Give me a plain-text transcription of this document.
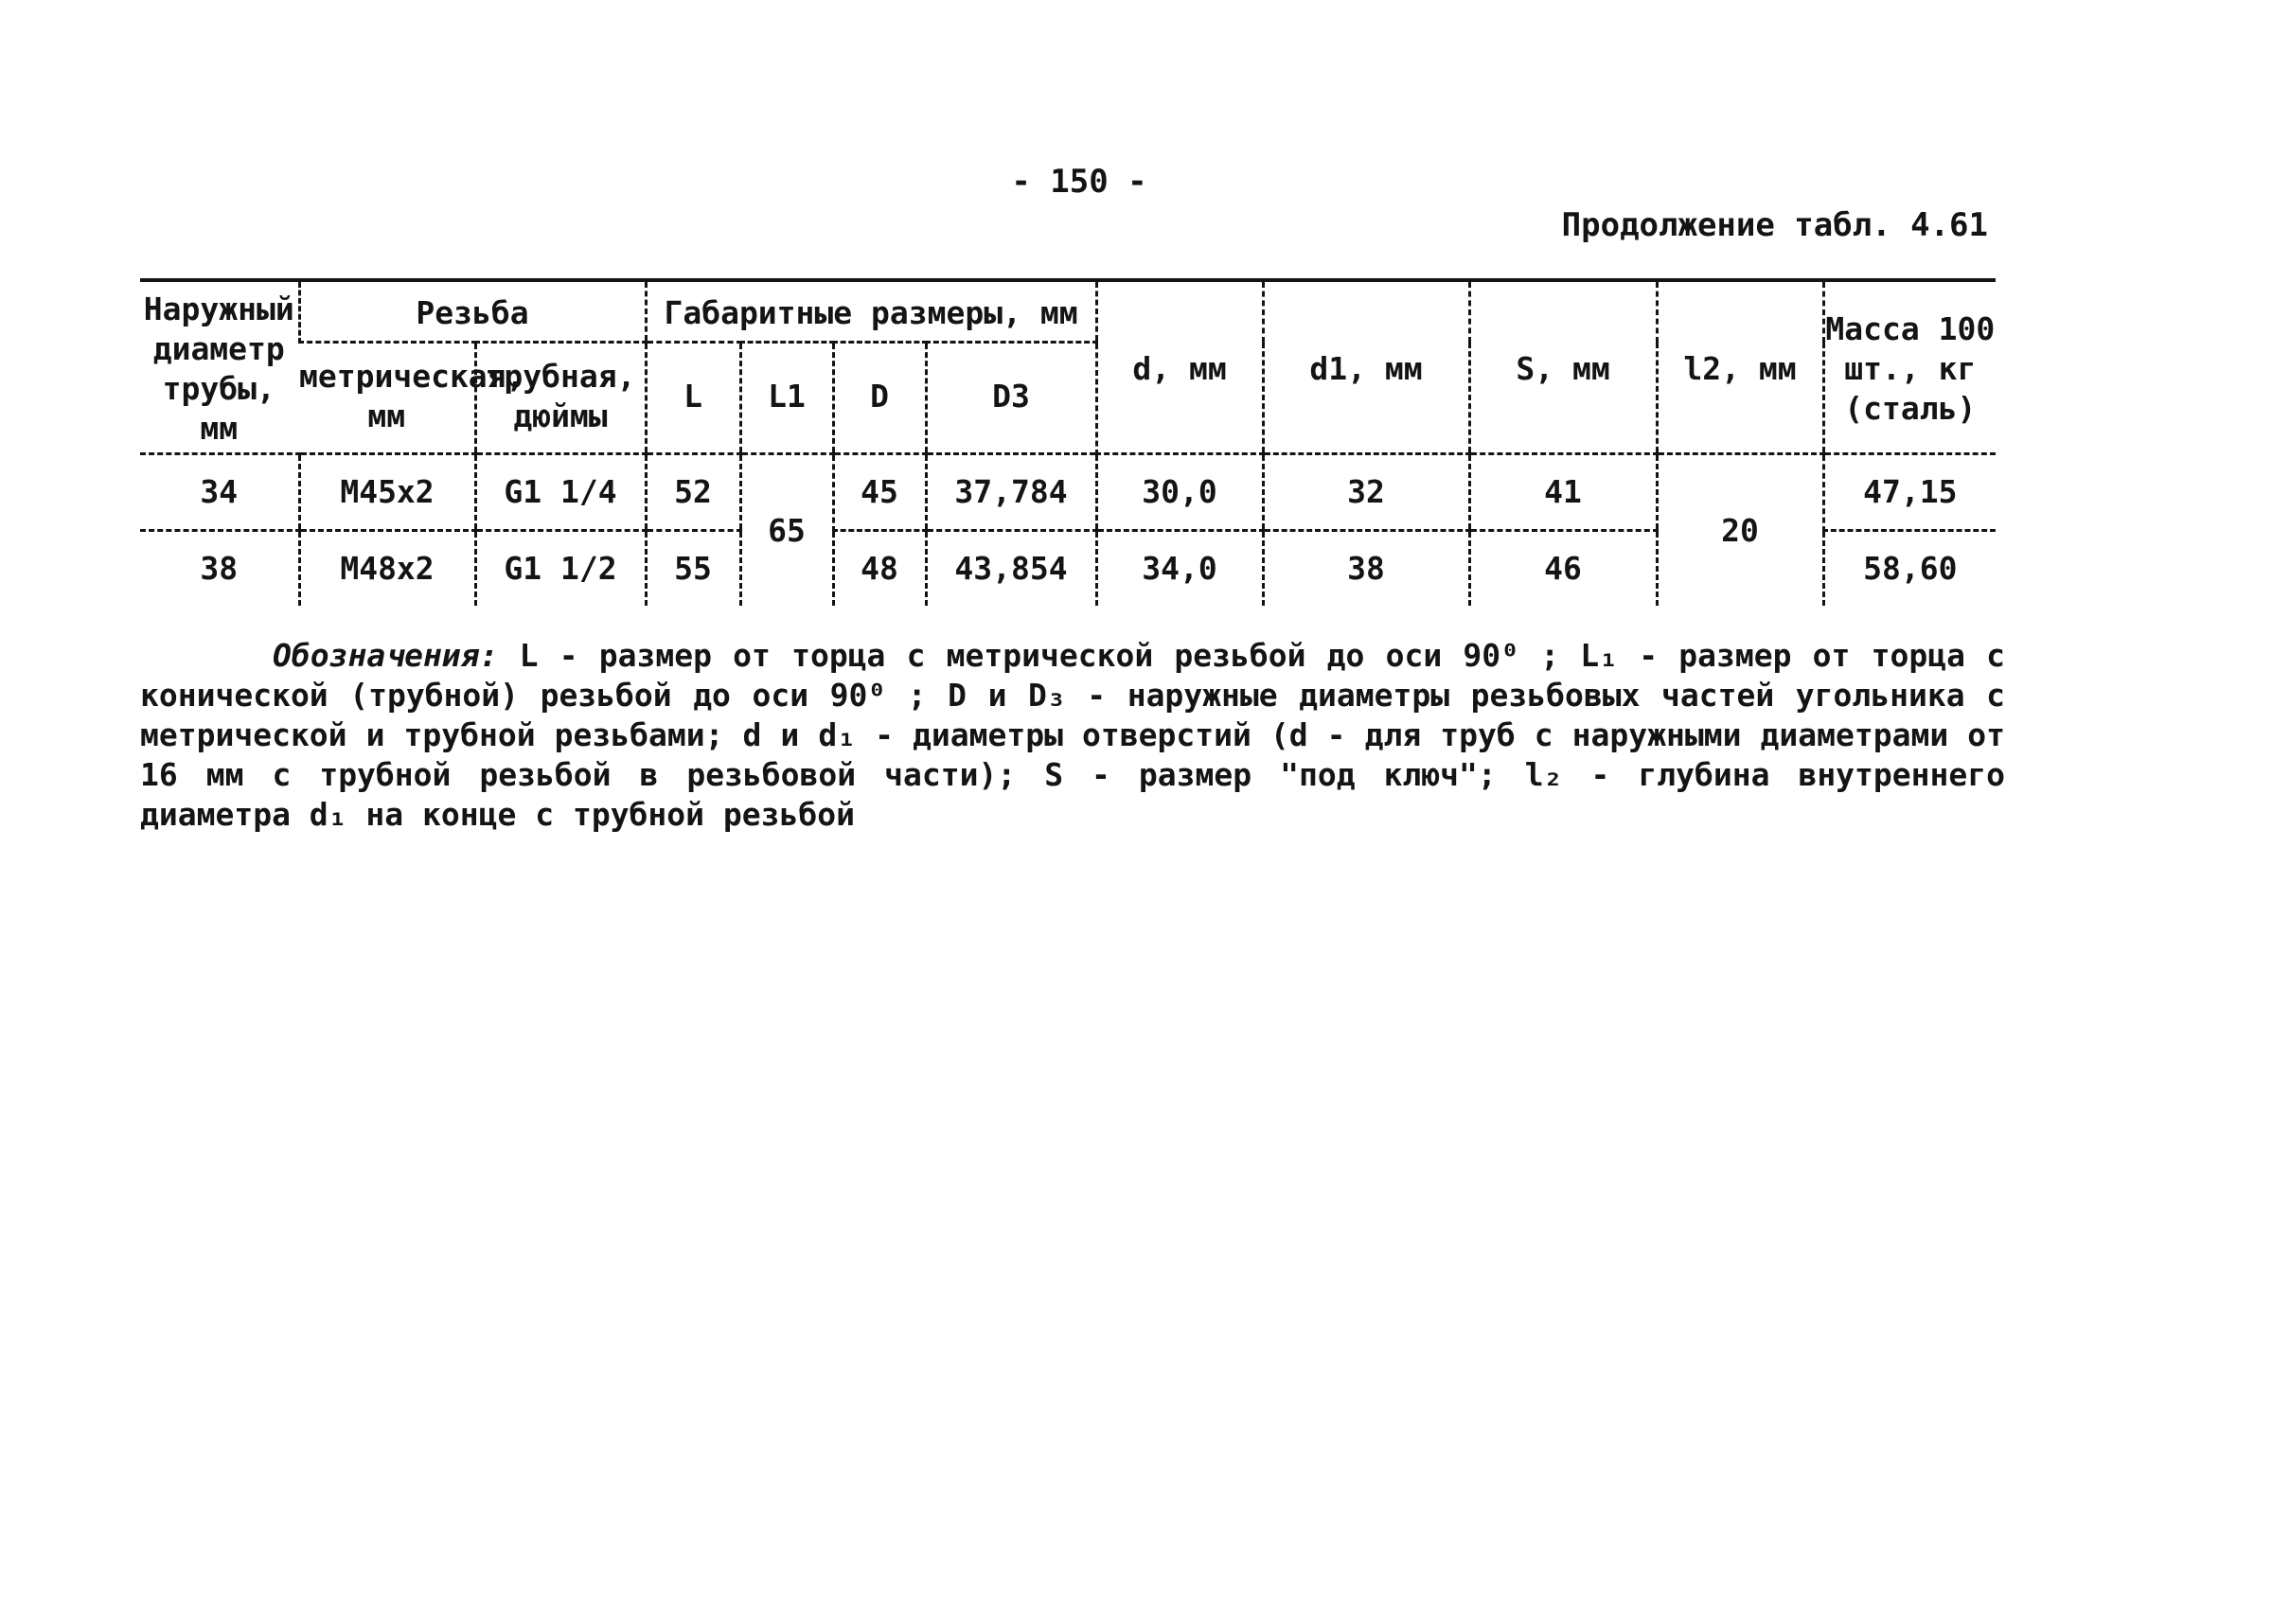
- 150 -
Продолжение табл. 4.61
Наружный диаметр трубы, мм	Резьба		Габаритные размеры, мм				d, мм	d1, мм	S, мм	l2, мм	Масса 100 шт., кг (сталь)
	метрическая, мм	трубная, дюймы	L	L1	D	D3					
34	M45x2	G1 1/4	52	65	45	37,784	30,0	32	41	20	47,15
38	M48x2	G1 1/2	55		48	43,854	34,0	38	46		58,60

Обозначения: L - размер от торца с метрической резьбой до оси 90⁰ ; L₁ - размер от торца с конической (трубной) резьбой до оси 90⁰ ; D и D₃ - наружные диаметры резьбовых частей угольника с метрической и трубной резьбами; d и d₁ - диаметры отверстий (d - для труб с наружными диаметрами от 16 мм с трубной резьбой в резьбовой части); S - размер "под ключ"; l₂ - глубина внутреннего диаметра d₁ на конце с трубной резьбой
